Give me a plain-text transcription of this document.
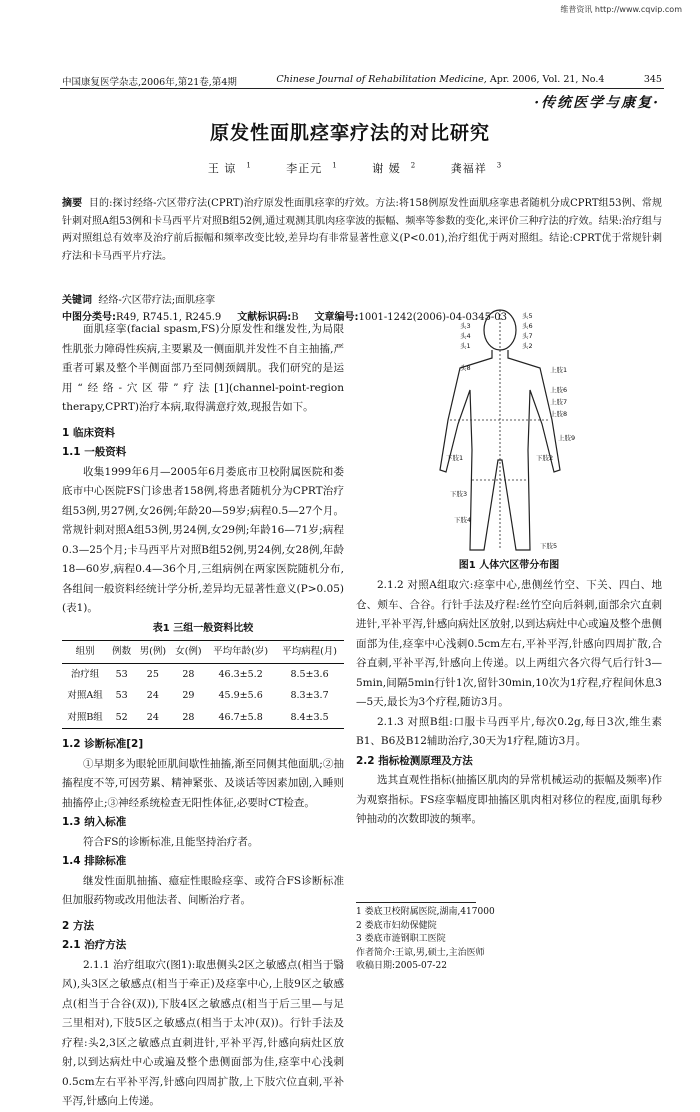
维普资讯 http://www.cqvip.com
中国康复医学杂志,2006年,第21卷,第4期	Chinese Journal of Rehabilitation Medicine, Apr. 2006, Vol. 21, No.4	345
·传统医学与康复·
原发性面肌痉挛疗法的对比研究
王 谅 $^1$	李正元 $^1$	谢 媛 $^2$	龚福祥 $^3$
摘要 目的:探讨经络-穴区带疗法(CPRT)治疗原发性面肌痉挛的疗效。方法:将158例原发性面肌痉挛患者随机分成CPRT组53例、常规针刺对照A组53例和卡马西平片对照B组52例,通过观测其肌肉痉挛波的振幅、频率等参数的变化,来评价三种疗法的疗效。结果:治疗组与两对照组总有效率及治疗前后振幅和频率改变比较,差异均有非常显著性意义(P<0.01),治疗组优于两对照组。结论:CPRT优于常规针刺疗法和卡马西平片疗法。
关键词 经络-穴区带疗法;面肌痉挛
中图分类号:R49, R745.1, R245.9 文献标识码:B 文章编号:1001-1242(2006)-04-0345-03

面肌痉挛(facial spasm,FS)分原发性和继发性,为局限性肌张力障碍性疾病,主要累及一侧面肌并发性不自主抽搐,严重者可累及整个半侧面部乃至同侧颈阔肌。我们研究的是运用“经络-穴区带”疗法[1](channel-point-region therapy,CPRT)治疗本病,取得满意疗效,现报告如下。

1 临床资料

1.1 一般资料

收集1999年6月—2005年6月娄底市卫校附属医院和娄底市中心医院FS门诊患者158例,将患者随机分为CPRT治疗组53例,男27例,女26例;年龄20—59岁;病程0.5—27个月。常规针刺对照A组53例,男24例,女29例;年龄16—71岁;病程0.3—25个月;卡马西平片对照B组52例,男24例,女28例,年龄18—60岁,病程0.4—36个月,三组病例在两家医院随机分布,各组间一般资料经统计学分析,差异均无显著性意义(P>0.05)(表1)。

表1 三组一般资料比较
组别	例数	男(例)	女(例)	平均年龄(岁)	平均病程(月)
治疗组	53	25	28	46.3±5.2	8.5±3.6
对照A组	53	24	29	45.9±5.6	8.3±3.7
对照B组	52	24	28	46.7±5.8	8.4±3.5

1.2 诊断标准[2]

①早期多为眼轮匝肌间歇性抽搐,渐至同侧其他面肌;②抽搐程度不等,可因劳累、精神紧张、及谈话等因素加剧,入睡则抽搐停止;③神经系统检查无阳性体征,必要时CT检查。

1.3 纳入标准

符合FS的诊断标准,且能坚持治疗者。

1.4 排除标准

继发性面肌抽搐、癔症性眼睑痉挛、或符合FS诊断标准但加服药物或改用他法者、间断治疗者。

2 方法

2.1 治疗方法

2.1.1 治疗组取穴(图1):取患侧头2区之敏感点(相当于翳风),头3区之敏感点(相当于牵正)及痉挛中心,上肢9区之敏感点(相当于合谷(双)),下肢4区之敏感点(相当于后三里—与足三里相对),下肢5区之敏感点(相当于太冲(双))。行针手法及疗程:头2,3区之敏感点直刺进针,平补平泻,针感向病灶区放射,以到达病灶中心或遍及整个患侧面部为佳,痉挛中心浅刺0.5cm左右平补平泻,针感向四周扩散,上下肢穴位直刺,平补平泻,针感向上传递。

头5
头6
头7
头2
头3
头4
头1
头8	上肢1
上肢6
上肢7
上肢8
上肢9
下肢1	下肢2
下肢3
下肢4
下肢5
图1 人体穴区带分布图

2.1.2 对照A组取穴:痉挛中心,患侧丝竹空、下关、四白、地仓、颊车、合谷。行针手法及疗程:丝竹空向后斜刺,面部余穴直刺进针,平补平泻,针感向病灶区放射,以到达病灶中心或遍及整个患侧面部为佳,痉挛中心浅刺0.5cm左右,平补平泻,针感向四周扩散,合谷直刺,平补平泻,针感向上传递。以上两组穴各穴得气后行针3—5min,间隔5min行针1次,留针30min,10次为1疗程,疗程间休息3—5天,最长为3个疗程,随访3月。

2.1.3 对照B组:口服卡马西平片,每次0.2g,每日3次,维生素B1、B6及B12辅助治疗,30天为1疗程,随访3月。

2.2 指标检测原理及方法

选其直观性指标(抽搐区肌肉的异常机械运动的振幅及频率)作为观察指标。FS痉挛幅度即抽搐区肌肉相对移位的程度,面肌每秒钟抽动的次数即波的频率。

1 娄底卫校附属医院,湖南,417000
2 娄底市妇幼保健院
3 娄底市涟钢职工医院
作者简介:王谅,男,硕士,主治医师
收稿日期:2005-07-22
